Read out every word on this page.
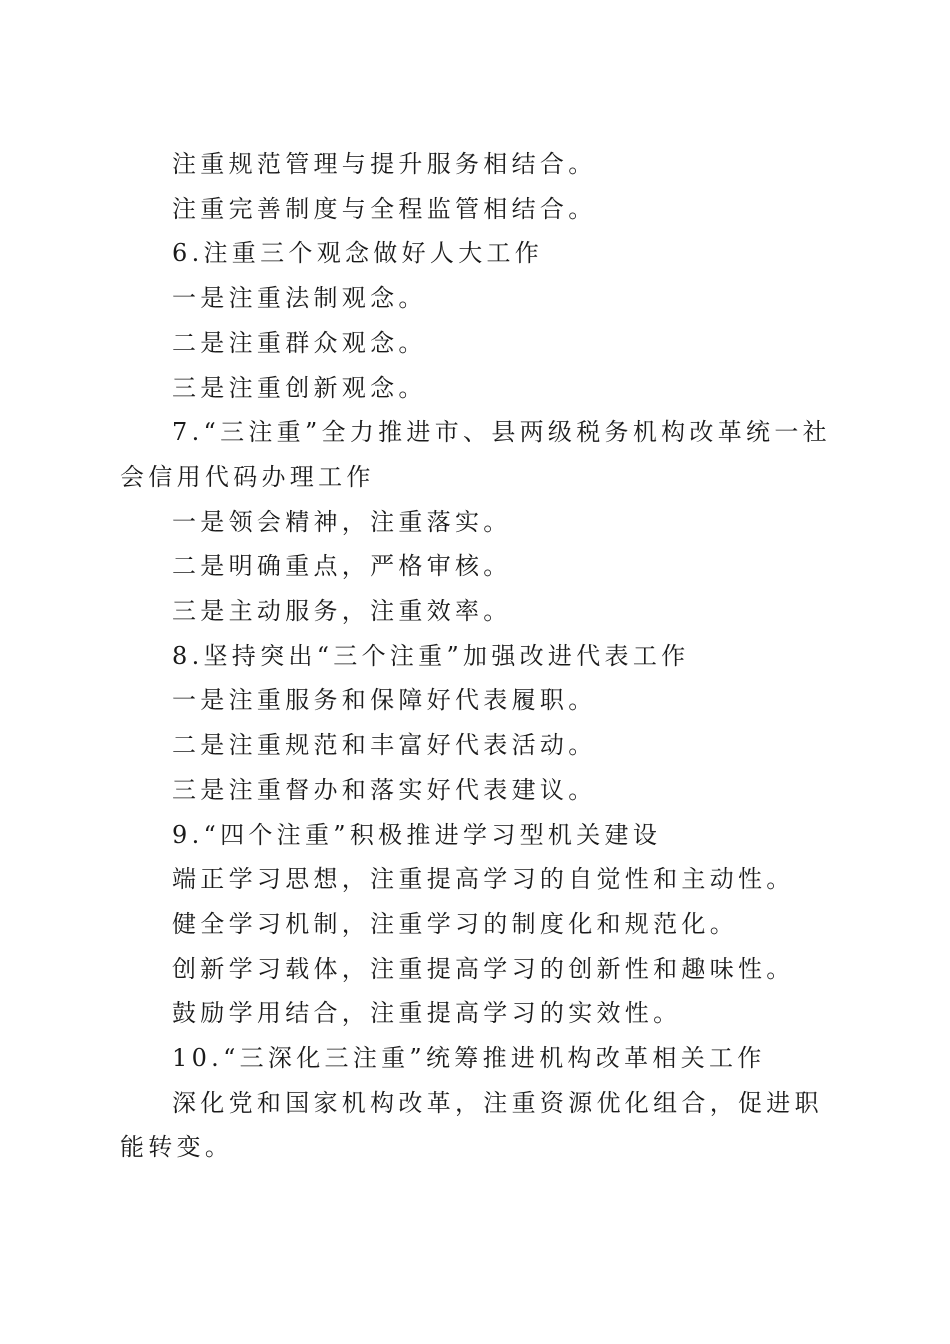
注重规范管理与提升服务相结合。

注重完善制度与全程监管相结合。

6.注重三个观念做好人大工作

一是注重法制观念。

二是注重群众观念。

三是注重创新观念。

7.“三注重”全力推进市、县两级税务机构改革统一社会信用代码办理工作

一是领会精神，注重落实。

二是明确重点，严格审核。

三是主动服务，注重效率。

8.坚持突出“三个注重”加强改进代表工作

一是注重服务和保障好代表履职。

二是注重规范和丰富好代表活动。

三是注重督办和落实好代表建议。

9.“四个注重”积极推进学习型机关建设

端正学习思想，注重提高学习的自觉性和主动性。

健全学习机制，注重学习的制度化和规范化。

创新学习载体，注重提高学习的创新性和趣味性。

鼓励学用结合，注重提高学习的实效性。

10.“三深化三注重”统筹推进机构改革相关工作

深化党和国家机构改革，注重资源优化组合，促进职能转变。
